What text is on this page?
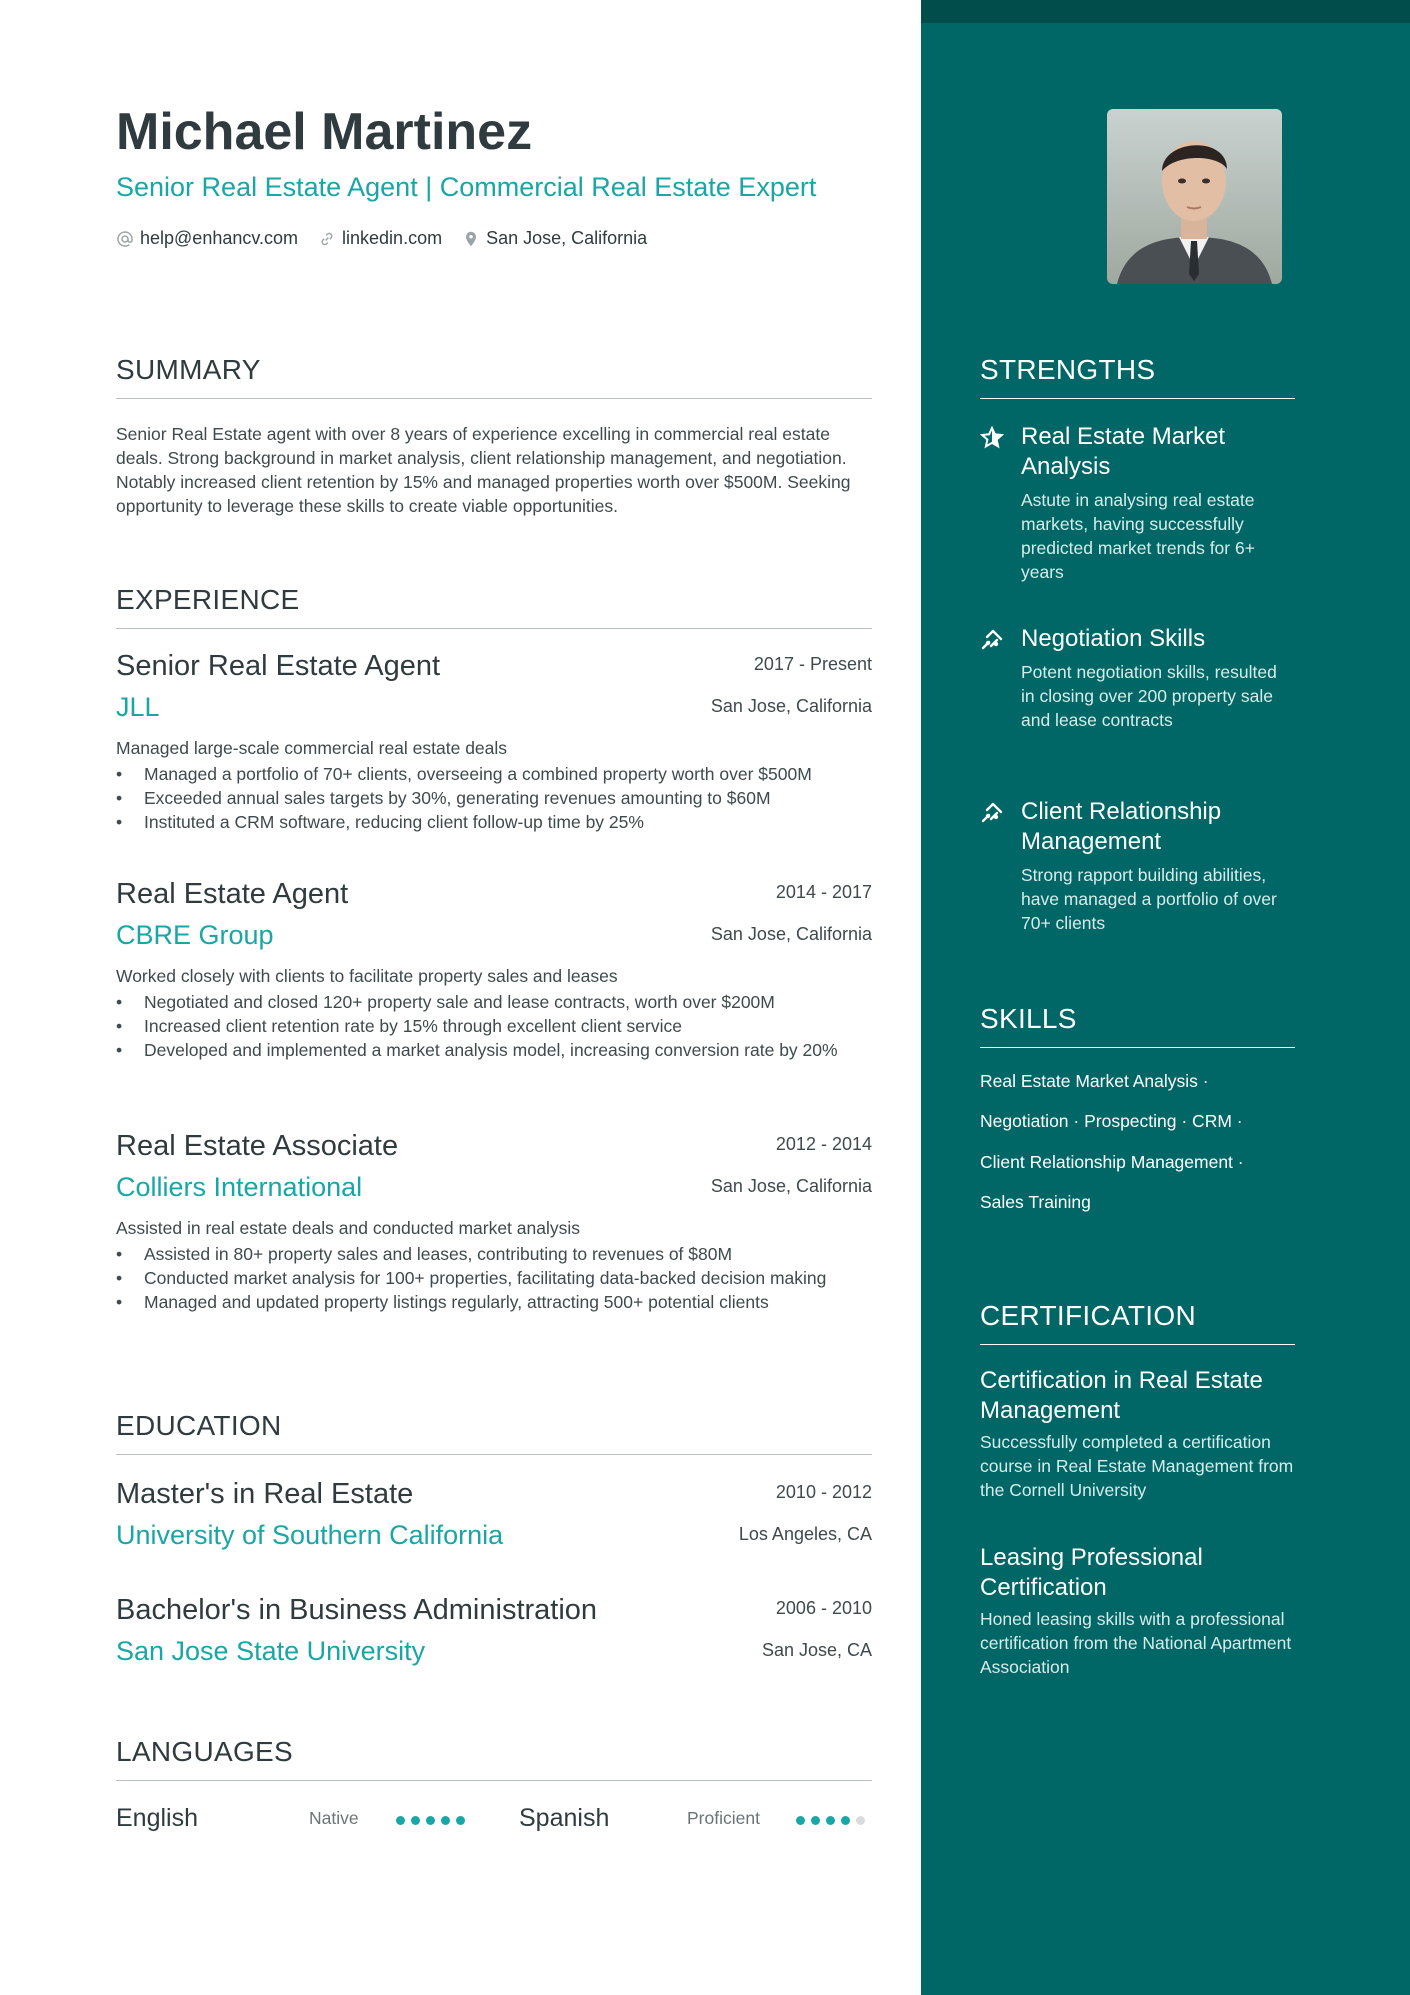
Michael Martinez
Senior Real Estate Agent | Commercial Real Estate Expert
help@enhancv.com linkedin.com San Jose, California
SUMMARY

Senior Real Estate agent with over 8 years of experience excelling in commercial real estate deals. Strong background in market analysis, client relationship management, and negotiation. Notably increased client retention by 15% and managed properties worth over $500M. Seeking opportunity to leverage these skills to create viable opportunities.

EXPERIENCE
Senior Real Estate Agent	2017 - Present
JLL	San Jose, California
Managed large-scale commercial real estate deals
• Managed a portfolio of 70+ clients, overseeing a combined property worth over $500M
• Exceeded annual sales targets by 30%, generating revenues amounting to $60M
• Instituted a CRM software, reducing client follow-up time by 25%
Real Estate Agent	2014 - 2017
CBRE Group	San Jose, California
Worked closely with clients to facilitate property sales and leases
• Negotiated and closed 120+ property sale and lease contracts, worth over $200M
• Increased client retention rate by 15% through excellent client service
• Developed and implemented a market analysis model, increasing conversion rate by 20%
Real Estate Associate	2012 - 2014
Colliers International	San Jose, California
Assisted in real estate deals and conducted market analysis
• Assisted in 80+ property sales and leases, contributing to revenues of $80M
• Conducted market analysis for 100+ properties, facilitating data-backed decision making
• Managed and updated property listings regularly, attracting 500+ potential clients
EDUCATION
Master's in Real Estate	2010 - 2012
University of Southern California	Los Angeles, CA
Bachelor's in Business Administration	2006 - 2010
San Jose State University	San Jose, CA
LANGUAGES
English	Native	Spanish	Proficient
STRENGTHS
Real Estate Market Analysis
Astute in analysing real estate markets, having successfully predicted market trends for 6+ years
Negotiation Skills
Potent negotiation skills, resulted in closing over 200 property sale and lease contracts
Client Relationship Management
Strong rapport building abilities, have managed a portfolio of over 70+ clients
SKILLS
Real Estate Market Analysis ·
Negotiation · Prospecting · CRM ·
Client Relationship Management ·
Sales Training
CERTIFICATION
Certification in Real Estate Management
Successfully completed a certification course in Real Estate Management from the Cornell University
Leasing Professional Certification
Honed leasing skills with a professional certification from the National Apartment Association
